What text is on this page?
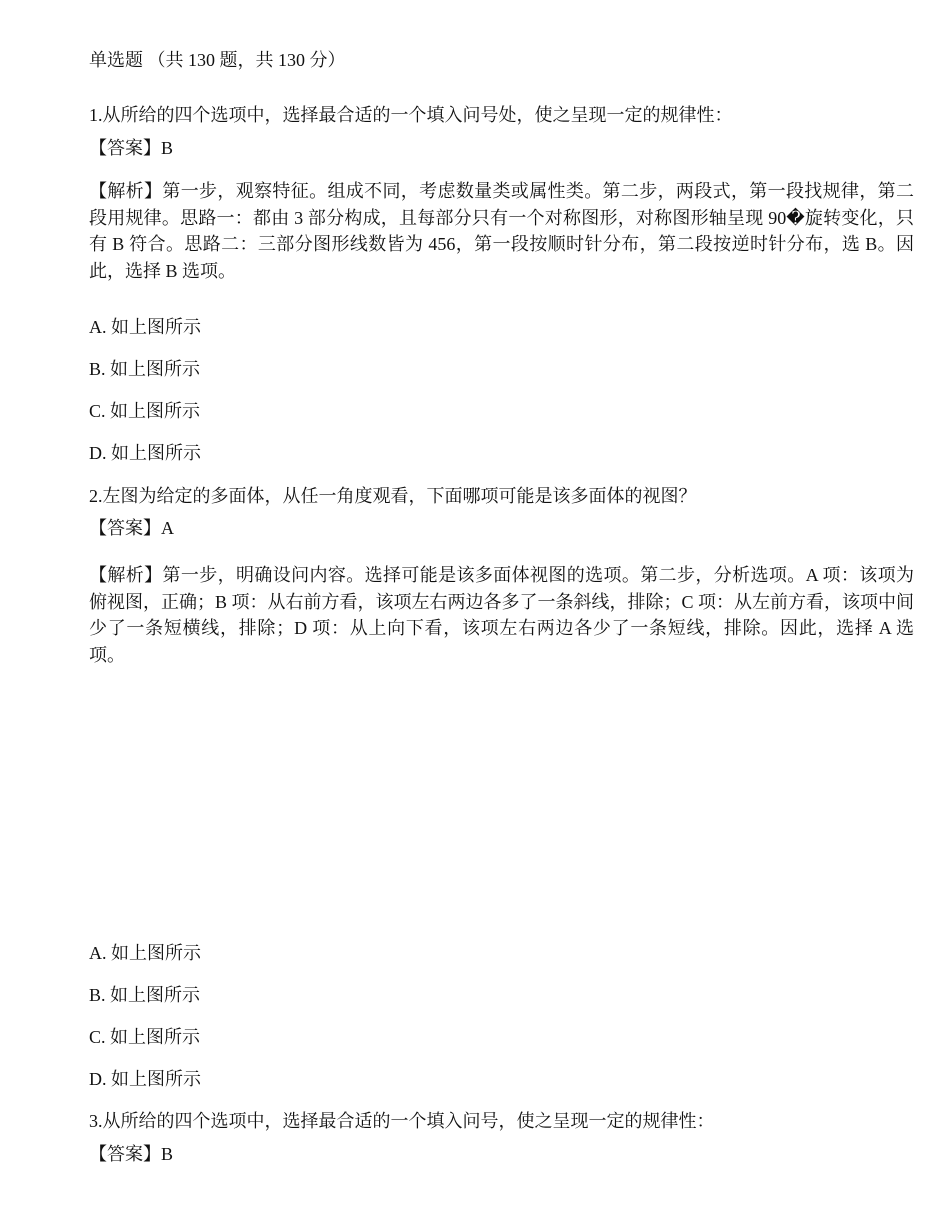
单选题 （共 130 题，共 130 分）
1.从所给的四个选项中，选择最合适的一个填入问号处，使之呈现一定的规律性：
【答案】B
【解析】第一步，观察特征。组成不同，考虑数量类或属性类。第二步，两段式，第一段找规律，第二段用规律。思路一：都由 3 部分构成，且每部分只有一个对称图形，对称图形轴呈现 90�旋转变化，只有 B 符合。思路二：三部分图形线数皆为 456，第一段按顺时针分布，第二段按逆时针分布，选 B。因此，选择 B 选项。
A. 如上图所示
B. 如上图所示
C. 如上图所示
D. 如上图所示
2.左图为给定的多面体，从任一角度观看，下面哪项可能是该多面体的视图？
【答案】A
【解析】第一步，明确设问内容。选择可能是该多面体视图的选项。第二步，分析选项。A 项：该项为俯视图，正确；B 项：从右前方看，该项左右两边各多了一条斜线，排除；C 项：从左前方看，该项中间少了一条短横线，排除；D 项：从上向下看，该项左右两边各少了一条短线，排除。因此，选择 A 选项。
A. 如上图所示
B. 如上图所示
C. 如上图所示
D. 如上图所示
3.从所给的四个选项中，选择最合适的一个填入问号，使之呈现一定的规律性：
【答案】B
